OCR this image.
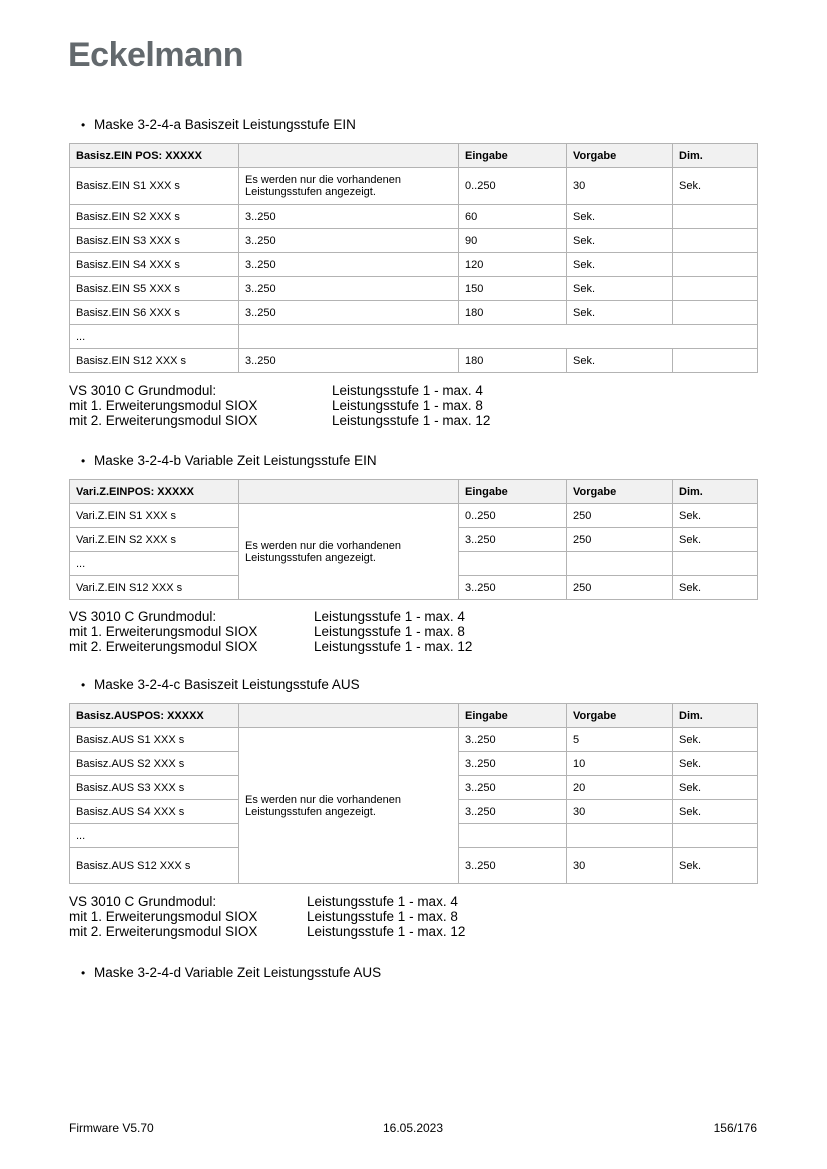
Eckelmann
• Maske 3-2-4-a Basiszeit Leistungsstufe EIN
Basisz.EIN POS: XXXXX		Eingabe	Vorgabe	Dim.
Basisz.EIN S1 XXX s	Es werden nur die vorhandenen Leistungsstufen angezeigt.	0..250	30	Sek.
Basisz.EIN S2 XXX s	3..250	60	Sek.	
Basisz.EIN S3 XXX s	3..250	90	Sek.	
Basisz.EIN S4 XXX s	3..250	120	Sek.	
Basisz.EIN S5 XXX s	3..250	150	Sek.	
Basisz.EIN S6 XXX s	3..250	180	Sek.	
...				
Basisz.EIN S12 XXX s	3..250	180	Sek.	
VS 3010 C Grundmodul:	Leistungsstufe 1 - max. 4
mit 1. Erweiterungsmodul SIOX	Leistungsstufe 1 - max. 8
mit 2. Erweiterungsmodul SIOX	Leistungsstufe 1 - max. 12
• Maske 3-2-4-b Variable Zeit Leistungsstufe EIN
Vari.Z.EINPOS: XXXXX		Eingabe	Vorgabe	Dim.
Vari.Z.EIN S1 XXX s	Es werden nur die vorhandenen Leistungsstufen angezeigt.	0..250	250	Sek.
Vari.Z.EIN S2 XXX s		3..250	250	Sek.
...				
Vari.Z.EIN S12 XXX s		3..250	250	Sek.
VS 3010 C Grundmodul:	Leistungsstufe 1 - max. 4
mit 1. Erweiterungsmodul SIOX	Leistungsstufe 1 - max. 8
mit 2. Erweiterungsmodul SIOX	Leistungsstufe 1 - max. 12
• Maske 3-2-4-c Basiszeit Leistungsstufe AUS
Basisz.AUSPOS: XXXXX		Eingabe	Vorgabe	Dim.
Basisz.AUS S1 XXX s	Es werden nur die vorhandenen Leistungsstufen angezeigt.	3..250	5	Sek.
Basisz.AUS S2 XXX s		3..250	10	Sek.
Basisz.AUS S3 XXX s		3..250	20	Sek.
Basisz.AUS S4 XXX s		3..250	30	Sek.
...				
Basisz.AUS S12 XXX s		3..250	30	Sek.
VS 3010 C Grundmodul:	Leistungsstufe 1 - max. 4
mit 1. Erweiterungsmodul SIOX	Leistungsstufe 1 - max. 8
mit 2. Erweiterungsmodul SIOX	Leistungsstufe 1 - max. 12
• Maske 3-2-4-d Variable Zeit Leistungsstufe AUS
Firmware V5.70	16.05.2023	156/176
